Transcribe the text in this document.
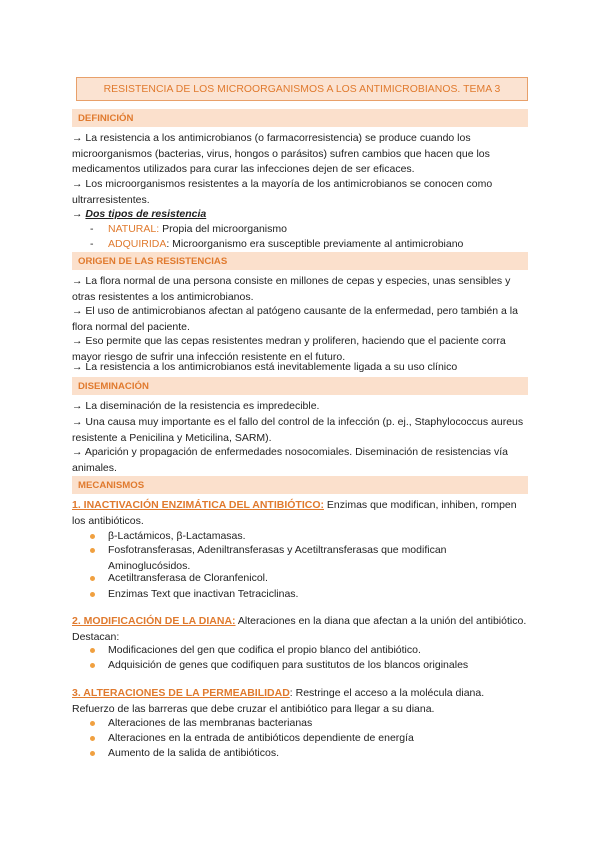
RESISTENCIA DE LOS MICROORGANISMOS A LOS ANTIMICROBIANOS. TEMA 3
DEFINICIÓN

→ La resistencia a los antimicrobianos (o farmacorresistencia) se produce cuando los microorganismos (bacterias, virus, hongos o parásitos) sufren cambios que hacen que los medicamentos utilizados para curar las infecciones dejen de ser eficaces.

→ Los microorganismos resistentes a la mayoría de los antimicrobianos se conocen como ultrarresistentes.

→ Dos tipos de resistencia
- NATURAL: Propia del microorganismo
- ADQUIRIDA: Microorganismo era susceptible previamente al antimicrobiano
ORIGEN DE LAS RESISTENCIAS

→ La flora normal de una persona consiste en millones de cepas y especies, unas sensibles y otras resistentes a los antimicrobianos.

→ El uso de antimicrobianos afectan al patógeno causante de la enfermedad, pero también a la flora normal del paciente.

→ Eso permite que las cepas resistentes medran y proliferen, haciendo que el paciente corra mayor riesgo de sufrir una infección resistente en el futuro.

→ La resistencia a los antimicrobianos está inevitablemente ligada a su uso clínico

DISEMINACIÓN

→ La diseminación de la resistencia es impredecible.

→ Una causa muy importante es el fallo del control de la infección (p. ej., Staphylococcus aureus resistente a Penicilina y Meticilina, SARM).

→ Aparición y propagación de enfermedades nosocomiales. Diseminación de resistencias vía animales.

MECANISMOS

1. INACTIVACIÓN ENZIMÁTICA DEL ANTIBIÓTICO: Enzimas que modifican, inhiben, rompen los antibióticos.

β-Lactámicos, β-Lactamasas.
Fosfotransferasas, Adeniltransferasas y Acetiltransferasas que modifican Aminoglucósidos.
Acetiltransferasa de Cloranfenicol.
Enzimas Text que inactivan Tetraciclinas.

2. MODIFICACIÓN DE LA DIANA: Alteraciones en la diana que afectan a la unión del antibiótico. Destacan:

Modificaciones del gen que codifica el propio blanco del antibiótico.
Adquisición de genes que codifiquen para sustitutos de los blancos originales

3. ALTERACIONES DE LA PERMEABILIDAD: Restringe el acceso a la molécula diana. Refuerzo de las barreras que debe cruzar el antibiótico para llegar a su diana.

Alteraciones de las membranas bacterianas
Alteraciones en la entrada de antibióticos dependiente de energía
Aumento de la salida de antibióticos.
